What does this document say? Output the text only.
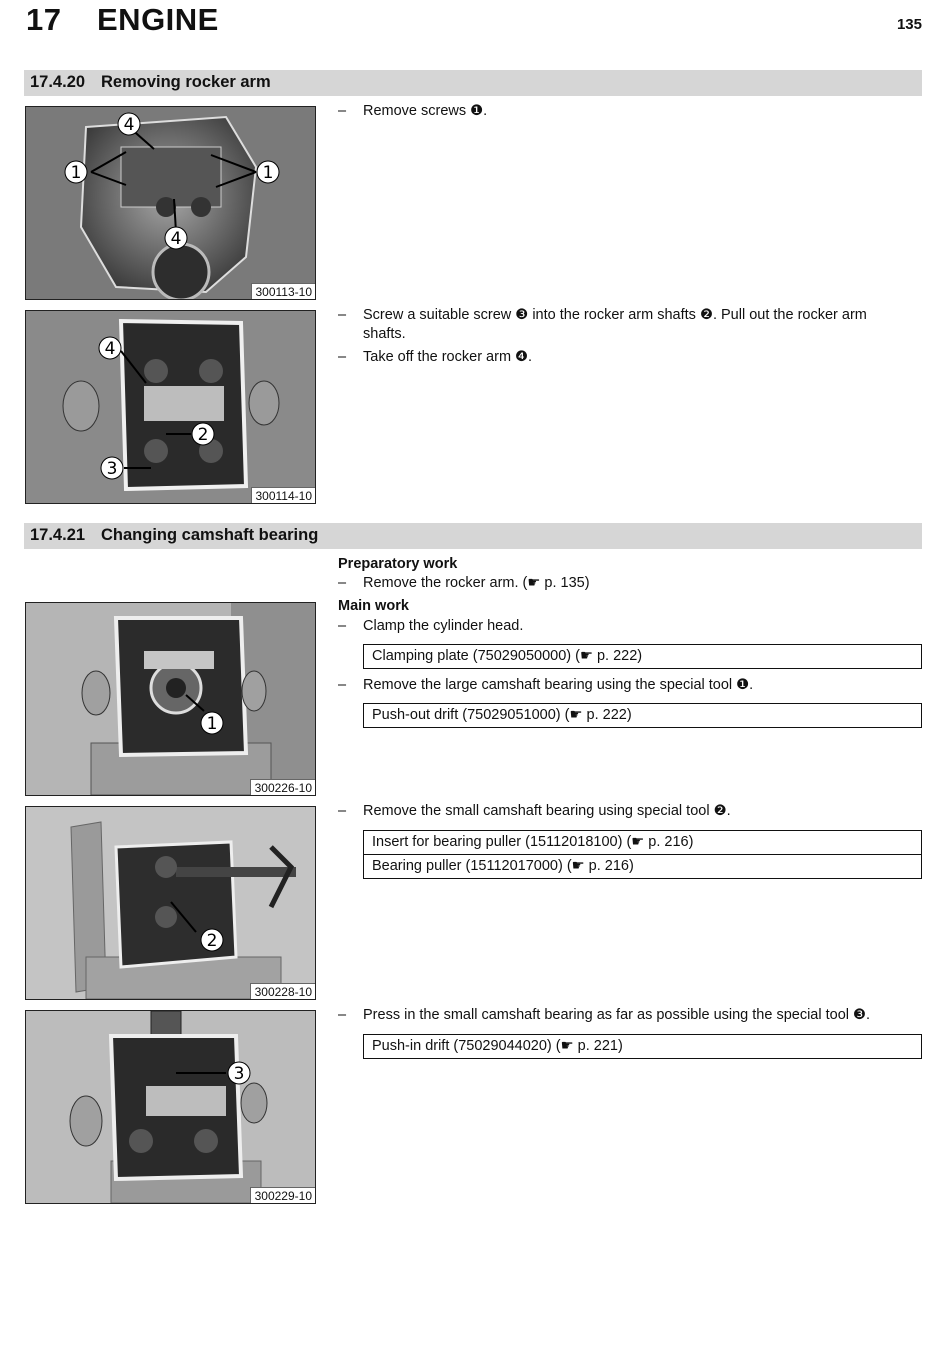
17 ENGINE	135
17.4.20 Removing rocker arm
4
1	1
4
300113-10
– Remove screws ❶.
4
2
3
300114-10
– Screw a suitable screw ❸ into the rocker arm shafts ❷. Pull out the rocker arm shafts.
– Take off the rocker arm ❹.
17.4.21 Changing camshaft bearing
Preparatory work
– Remove the rocker arm. (☛ p. 135)
Main work
– Clamp the cylinder head.
Clamping plate (75029050000) (☛ p. 222)
– Remove the large camshaft bearing using the special tool ❶.
Push-out drift (75029051000) (☛ p. 222)
1
300226-10
– Remove the small camshaft bearing using special tool ❷.
Insert for bearing puller (15112018100) (☛ p. 216)
Bearing puller (15112017000) (☛ p. 216)
2
300228-10
– Press in the small camshaft bearing as far as possible using the special tool ❸.
Push-in drift (75029044020) (☛ p. 221)
3
300229-10
